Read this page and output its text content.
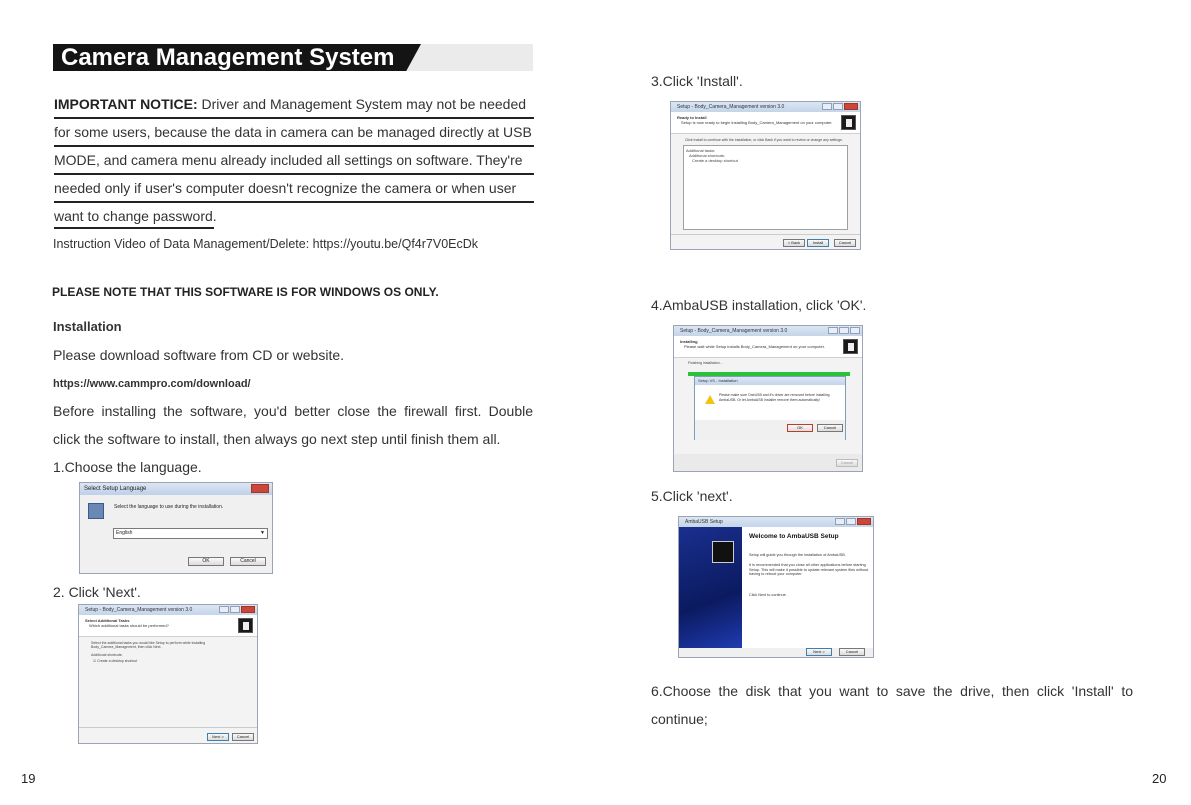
Camera Management System
IMPORTANT NOTICE: Driver and Management System may not be needed
for some users, because the data in camera can be managed directly at USB
MODE, and camera menu already included all settings on software. They're
needed only if user's computer doesn't recognize the camera or when user
want to change password.
Instruction Video of Data Management/Delete: https://youtu.be/Qf4r7V0EcDk
PLEASE NOTE THAT THIS SOFTWARE IS FOR WINDOWS OS ONLY.
Installation
Please download software from CD or website.
https://www.cammpro.com/download/
Before installing the software, you'd better close the firewall first. Double
click the software to install, then always go next step until finish them all.
1.Choose the language.
Select Setup Language
Select the language to use during the installation.
English	▼
OK	Cancel
2. Click 'Next'.
Setup - Body_Camera_Management version 3.0
Select Additional Tasks
Which additional tasks should be performed?
Select the additional tasks you would like Setup to perform while installing Body_Camera_Management, then click Next.
Additional shortcuts:
☑ Create a desktop shortcut
Next >	Cancel
3.Click 'Install'.
Setup - Body_Camera_Management version 3.0
Ready to Install
Setup is now ready to begin installing Body_Camera_Management on your computer.
Click Install to continue with the installation, or click Back if you want to review or change any settings.
Additional tasks:
Additional shortcuts:
Create a desktop shortcut
< Back	Install	Cancel
4.AmbaUSB installation, click 'OK'.
Setup - Body_Camera_Management version 3.0
Installing
Please wait while Setup installs Body_Camera_Management on your computer.
Finishing installation...
Setup VS - Installation
Please make sure OneUSB and it's driver are removed before installing AmbaUSB. Or let AmbaUSB Installer remove them automatically!
OK	Cancel
Cancel
5.Click 'next'.
AmbaUSB Setup
Welcome to AmbaUSB Setup
Setup will guide you through the installation of AmbaUSB.
It is recommended that you close all other applications before starting Setup. This will make it possible to update relevant system files without having to reboot your computer.
Click Next to continue.
Next >	Cancel
6.Choose the disk that you want to save the drive, then click 'Install' to
continue;
19	20
